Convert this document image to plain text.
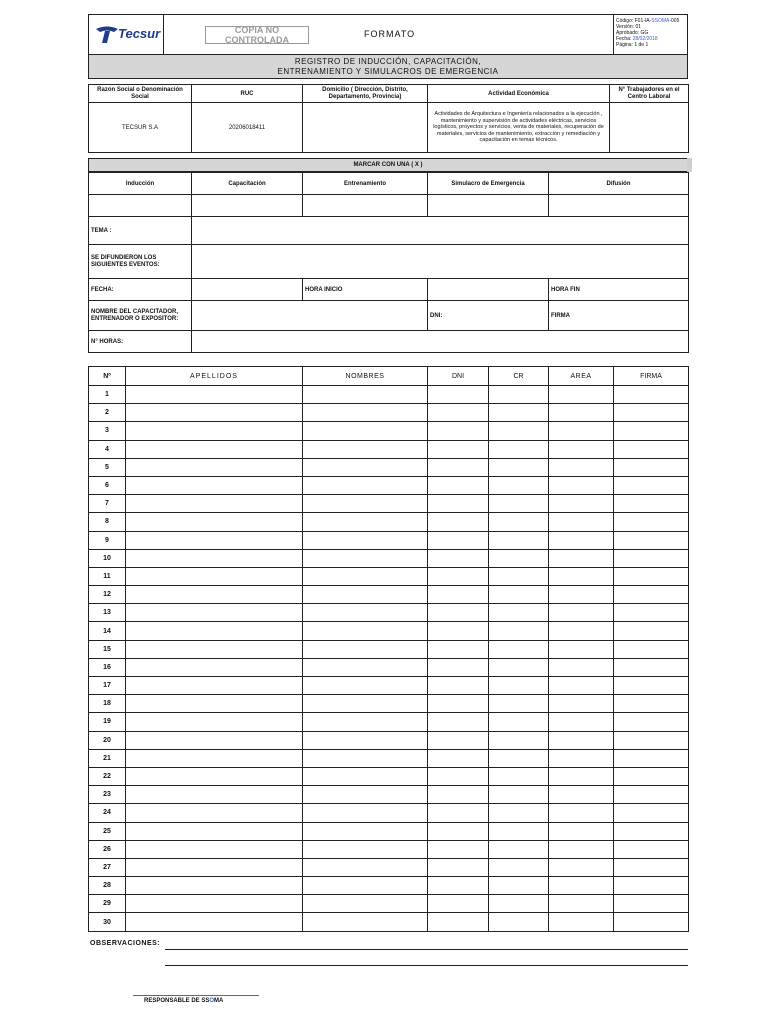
Tecsur	COPIA NO CONTROLADA
FORMATO
Código: F01-IA-SSOMA-005
Versión: 01
Aprobado: GG
Fecha: 28/02/2018
Página: 1 de 1
REGISTRO DE INDUCCIÓN, CAPACITACIÓN,
ENTRENAMIENTO Y SIMULACROS DE EMERGENCIA
Razón Social o Denominación Social	RUC	Domicilio ( Dirección, Distrito, Departamento, Provincia)	Actividad Económica	N° Trabajadores en el Centro Laboral
TECSUR S.A	20206018411		Actividades de Arquitectura e Ingeniería relacionados a la ejecución , mantenimiento y supervisión de actividades eléctricas, servicios logísticos, proyectos y servicios, venta de materiales, recuperación de materiales, servicios de mantenimiento, extracción y remediación y capacitación en temas técnicos.	
MARCAR CON UNA ( X )
Inducción	Capacitación	Entrenamiento	Simulacro de Emergencia	Difusión

TEMA :				
SE DIFUNDIERON LOS SIGUIENTES EVENTOS:				
FECHA:		HORA INICIO		HORA FIN
NOMBRE DEL CAPACITADOR, ENTRENADOR O EXPOSITOR:			DNI:	FIRMA
N° HORAS:				
Nº	APELLIDOS	NOMBRES	DNI	CR	AREA	FIRMA
1						
2						
3						
4						
5						
6						
7						
8						
9						
10						
11						
12						
13						
14						
15						
16						
17						
18						
19						
20						
21						
22						
23						
24						
25						
26						
27						
28						
29						
30						
OBSERVACIONES:
RESPONSABLE DE SSOMA
